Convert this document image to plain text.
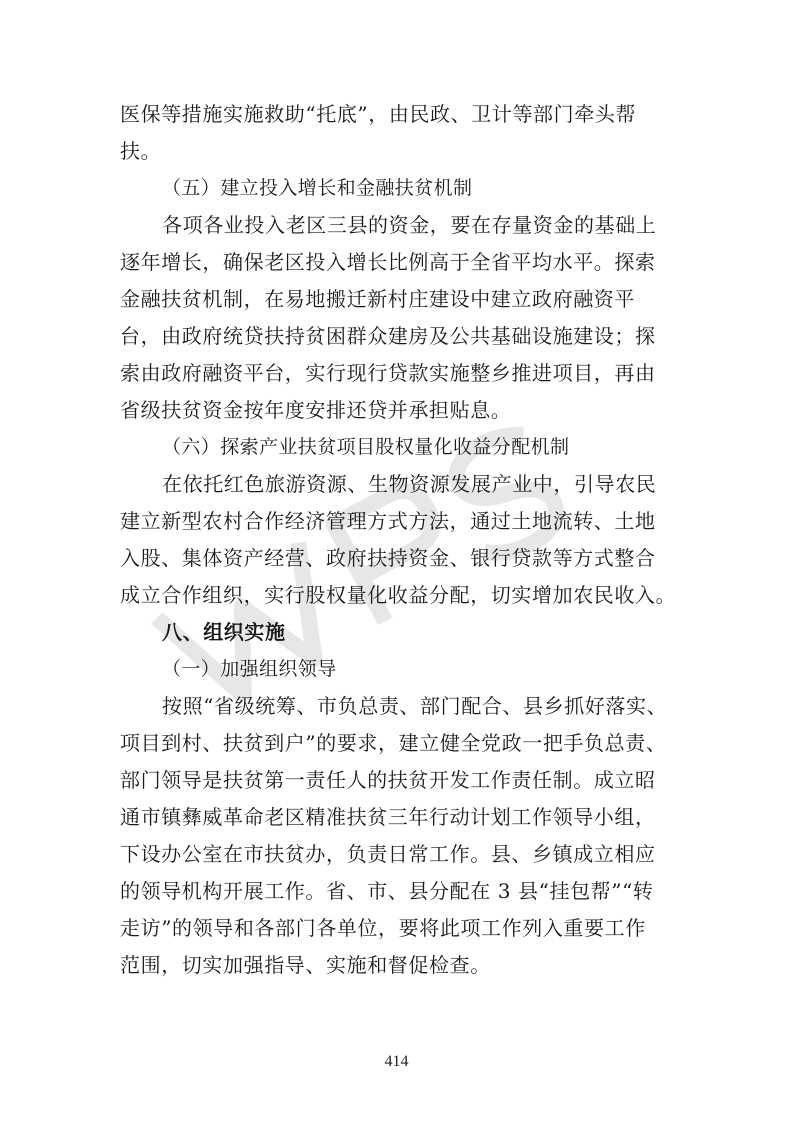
医保等措施实施救助“托底”，由民政、卫计等部门牵头帮
扶。
（五）建立投入增长和金融扶贫机制
各项各业投入老区三县的资金，要在存量资金的基础上
逐年增长，确保老区投入增长比例高于全省平均水平。探索
金融扶贫机制，在易地搬迁新村庄建设中建立政府融资平
台，由政府统贷扶持贫困群众建房及公共基础设施建设；探
索由政府融资平台，实行现行贷款实施整乡推进项目，再由
省级扶贫资金按年度安排还贷并承担贴息。
（六）探索产业扶贫项目股权量化收益分配机制
在依托红色旅游资源、生物资源发展产业中，引导农民
建立新型农村合作经济管理方式方法，通过土地流转、土地
入股、集体资产经营、政府扶持资金、银行贷款等方式整合
成立合作组织，实行股权量化收益分配，切实增加农民收入。
八、组织实施
（一）加强组织领导
按照“省级统筹、市负总责、部门配合、县乡抓好落实、
项目到村、扶贫到户”的要求，建立健全党政一把手负总责、
部门领导是扶贫第一责任人的扶贫开发工作责任制。成立昭
通市镇彝威革命老区精准扶贫三年行动计划工作领导小组，
下设办公室在市扶贫办，负责日常工作。县、乡镇成立相应
的领导机构开展工作。省、市、县分配在 3 县“挂包帮”“转
走访”的领导和各部门各单位，要将此项工作列入重要工作
范围，切实加强指导、实施和督促检查。
414
